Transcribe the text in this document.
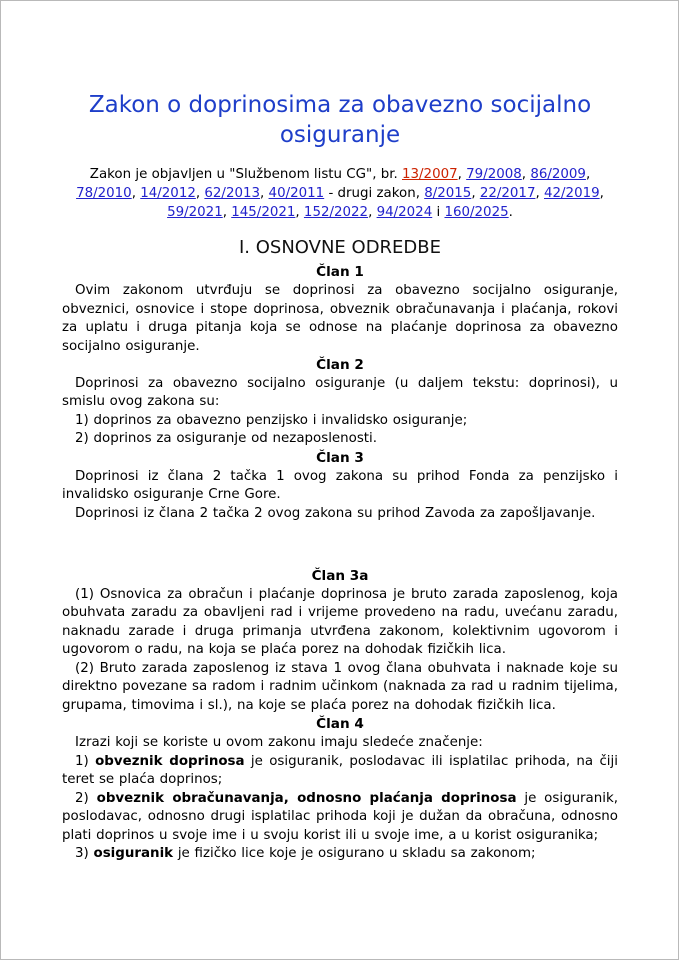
Zakon o doprinosima za obavezno socijalno osiguranje

Zakon je objavljen u "Službenom listu CG", br. 13/2007, 79/2008, 86/2009, 78/2010, 14/2012, 62/2013, 40/2011 - drugi zakon, 8/2015, 22/2017, 42/2019, 59/2021, 145/2021, 152/2022, 94/2024 i 160/2025.

I. OSNOVNE ODREDBE
Član 1

Ovim zakonom utvrđuju se doprinosi za obavezno socijalno osiguranje, obveznici, osnovice i stope doprinosa, obveznik obračunavanja i plaćanja, rokovi za uplatu i druga pitanja koja se odnose na plaćanje doprinosa za obavezno socijalno osiguranje.

Član 2

Doprinosi za obavezno socijalno osiguranje (u daljem tekstu: doprinosi), u smislu ovog zakona su:

1) doprinos za obavezno penzijsko i invalidsko osiguranje;

2) doprinos za osiguranje od nezaposlenosti.

Član 3

Doprinosi iz člana 2 tačka 1 ovog zakona su prihod Fonda za penzijsko i invalidsko osiguranje Crne Gore.

Doprinosi iz člana 2 tačka 2 ovog zakona su prihod Zavoda za zapošljavanje.

Član 3a

(1) Osnovica za obračun i plaćanje doprinosa je bruto zarada zaposlenog, koja obuhvata zaradu za obavljeni rad i vrijeme provedeno na radu, uvećanu zaradu, naknadu zarade i druga primanja utvrđena zakonom, kolektivnim ugovorom i ugovorom o radu, na koja se plaća porez na dohodak fizičkih lica.

(2) Bruto zarada zaposlenog iz stava 1 ovog člana obuhvata i naknade koje su direktno povezane sa radom i radnim učinkom (naknada za rad u radnim tijelima, grupama, timovima i sl.), na koje se plaća porez na dohodak fizičkih lica.

Član 4

Izrazi koji se koriste u ovom zakonu imaju sledeće značenje:

1) obveznik doprinosa je osiguranik, poslodavac ili isplatilac prihoda, na čiji teret se plaća doprinos;

2) obveznik obračunavanja, odnosno plaćanja doprinosa je osiguranik, poslodavac, odnosno drugi isplatilac prihoda koji je dužan da obračuna, odnosno plati doprinos u svoje ime i u svoju korist ili u svoje ime, a u korist osiguranika;

3) osiguranik je fizičko lice koje je osigurano u skladu sa zakonom;
